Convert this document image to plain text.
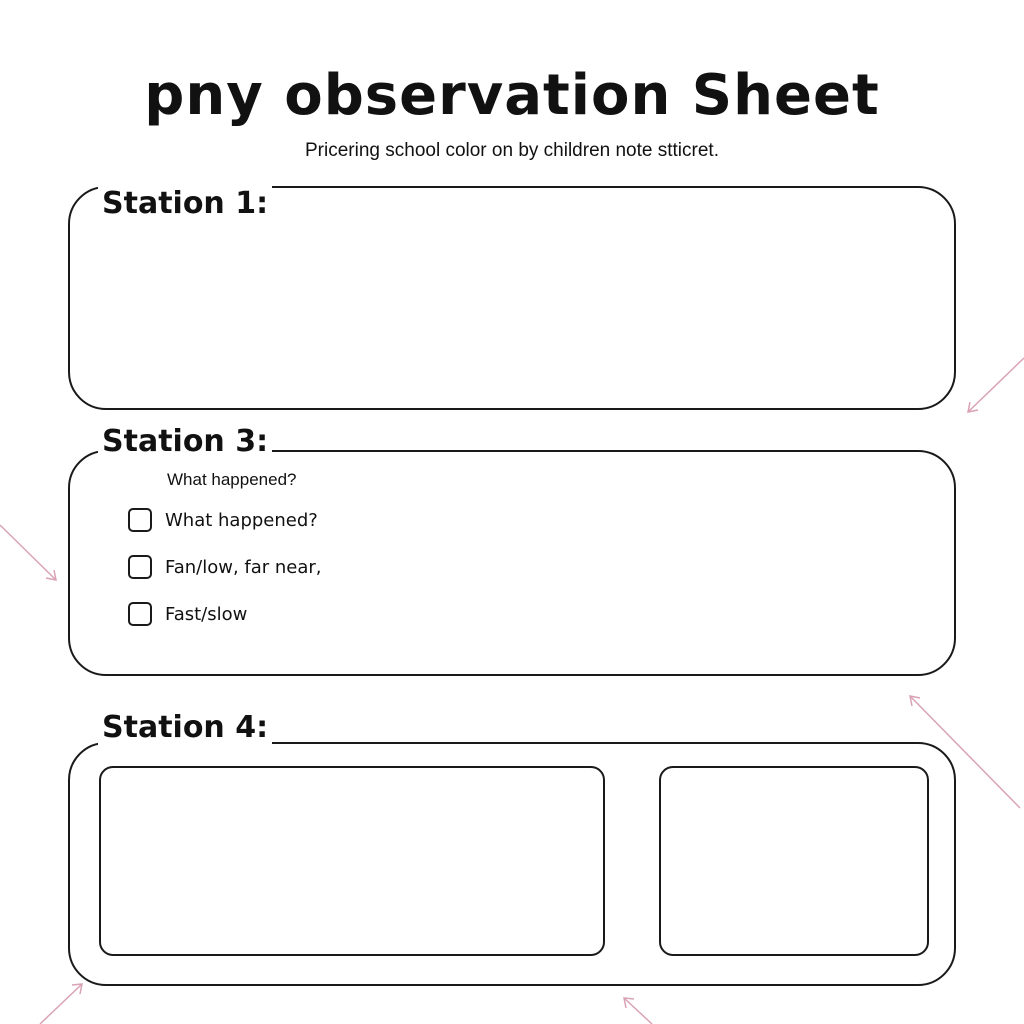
pny observation Sheet

Pricering school color on by children note stticret.

Station 1:
Station 3:
What happened?
What happened?
Fan/low, far near,
Fast/slow
Station 4:
